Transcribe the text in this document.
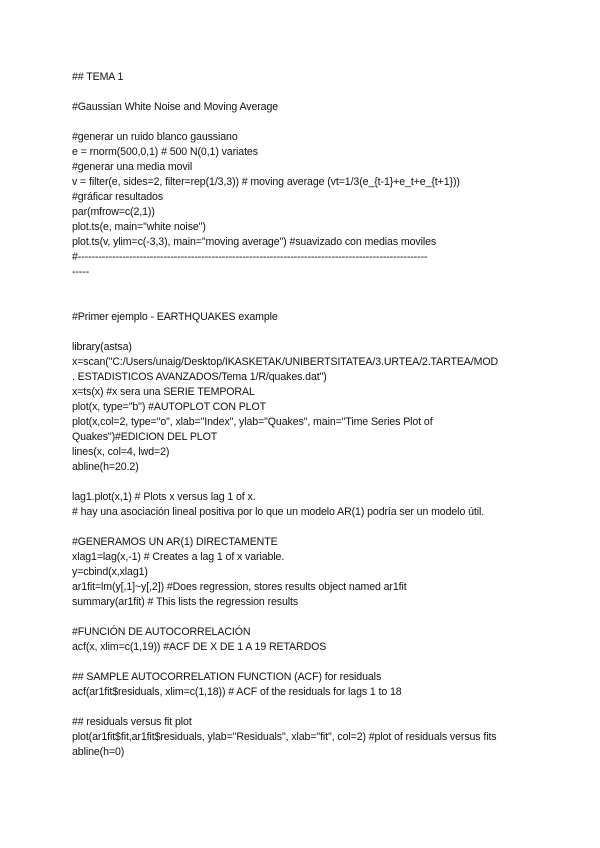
## TEMA 1
#Gaussian White Noise and Moving Average
#generar un ruido blanco gaussiano
e = rnorm(500,0,1) # 500 N(0,1) variates
#generar una media movil
v = filter(e, sides=2, filter=rep(1/3,3)) # moving average (vt=1/3(e_{t-1}+e_t+e_{t+1}))
#gráficar resultados
par(mfrow=c(2,1))
plot.ts(e, main="white noise")
plot.ts(v, ylim=c(-3,3), main="moving average") #suavizado con medias moviles
#------------------------------------------------------------------------------------------------------
-----
#Primer ejemplo - EARTHQUAKES example
library(astsa)
x=scan("C:/Users/unaig/Desktop/IKASKETAK/UNIBERTSITATEA/3.URTEA/2.TARTEA/MOD
. ESTADISTICOS AVANZADOS/Tema 1/R/quakes.dat")
x=ts(x) #x sera una SERIE TEMPORAL
plot(x, type="b") #AUTOPLOT CON PLOT
plot(x,col=2, type="o", xlab="Index", ylab="Quakes", main="Time Series Plot of
Quakes")#EDICION DEL PLOT
lines(x, col=4, lwd=2)
abline(h=20.2)
lag1.plot(x,1) # Plots x versus lag 1 of x.
# hay una asociación lineal positiva por lo que un modelo AR(1) podría ser un modelo útil.
#GENERAMOS UN AR(1) DIRECTAMENTE
xlag1=lag(x,-1) # Creates a lag 1 of x variable.
y=cbind(x,xlag1)
ar1fit=lm(y[,1]~y[,2]) #Does regression, stores results object named ar1fit
summary(ar1fit) # This lists the regression results
#FUNCIÓN DE AUTOCORRELACIÓN
acf(x, xlim=c(1,19)) #ACF DE X DE 1 A 19 RETARDOS
## SAMPLE AUTOCORRELATION FUNCTION (ACF) for residuals
acf(ar1fit$residuals, xlim=c(1,18)) # ACF of the residuals for lags 1 to 18
## residuals versus fit plot
plot(ar1fit$fit,ar1fit$residuals, ylab="Residuals", xlab="fit", col=2) #plot of residuals versus fits
abline(h=0)
